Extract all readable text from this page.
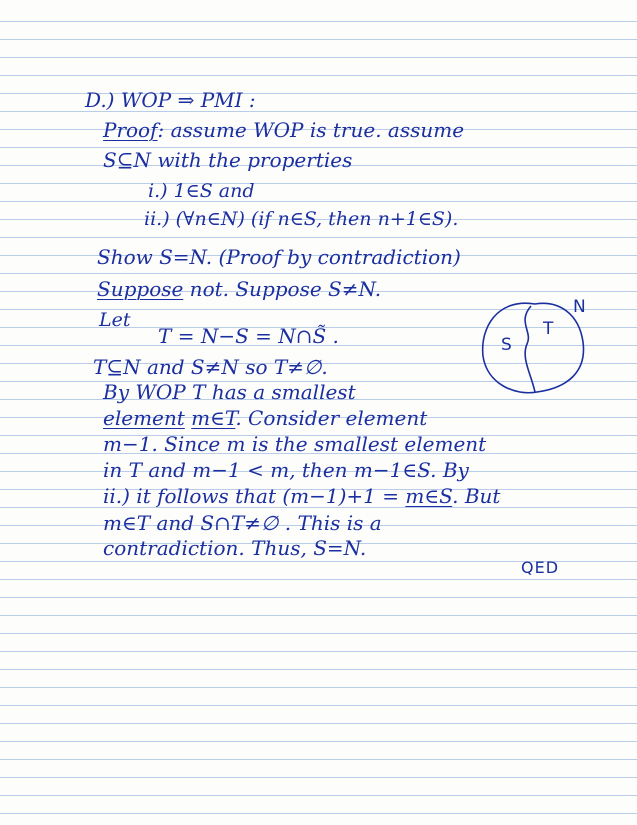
D.) WOP ⇒ PMI :
Proof: assume WOP is true. assume
S⊆N with the properties
i.) 1∈S and
ii.) (∀n∈N) (if n∈S, then n+1∈S).
Show S=N. (Proof by contradiction)
Suppose not. Suppose S≠N.
Let
T = N−S = N∩S̃ .
T⊆N and S≠N so T≠∅.
By WOP T has a smallest
element m∈T. Consider element
m−1. Since m is the smallest element
in T and m−1 < m, then m−1∈S. By
ii.) it follows that (m−1)+1 = m∈S. But
m∈T and S∩T≠∅ . This is a
contradiction. Thus, S=N.
QED
S
T
N
